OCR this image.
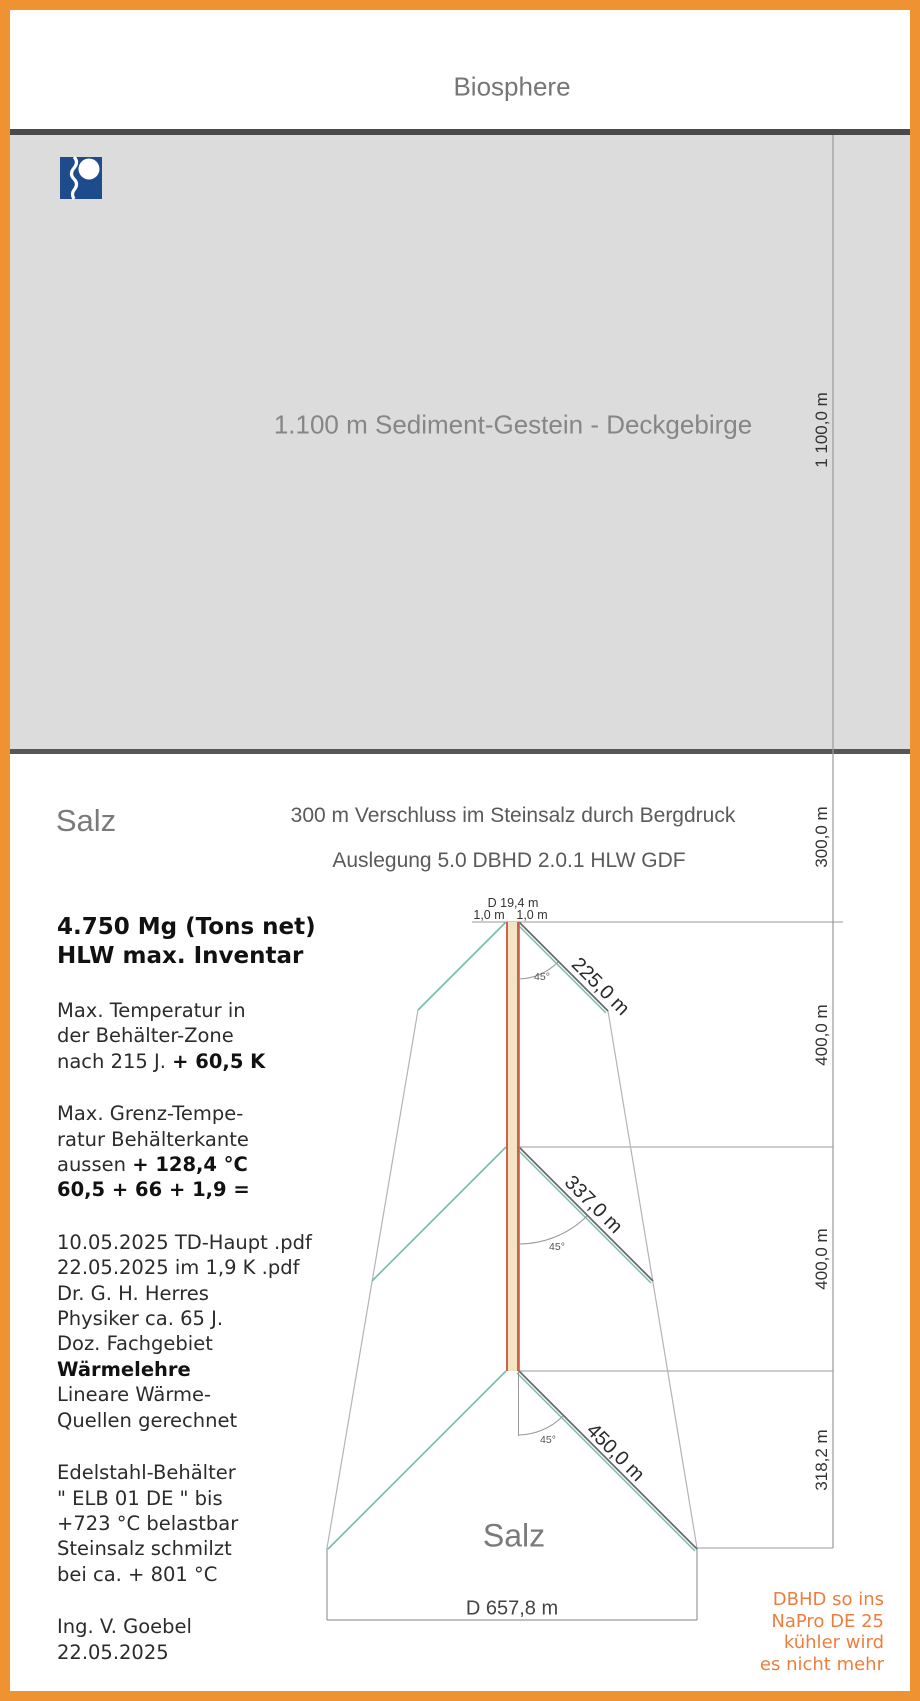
Biosphere
1.100 m Sediment-Gestein - Deckgebirge	1 100,0 m
Salz	300 m Verschluss im Steinsalz durch Bergdruck
Auslegung 5.0 DBHD 2.0.1 HLW GDF	300,0 m
400,0 m
400,0 m
318,2 m
D 19,4 m
1,0 m 1,0 m
45°
45°
45°
225,0 m
337,0 m
450,0 m
Salz
D 657,8 m
4.750 Mg (Tons net)
HLW max. Inventar
Max. Temperatur in
der Behälter-Zone
nach 215 J. + 60,5 K
Max. Grenz-Tempe-
ratur Behälterkante
aussen + 128,4 °C
60,5 + 66 + 1,9 =
10.05.2025 TD-Haupt .pdf
22.05.2025 im 1,9 K .pdf
Dr. G. H. Herres
Physiker ca. 65 J.
Doz. Fachgebiet
Wärmelehre
Lineare Wärme-
Quellen gerechnet
Edelstahl-Behälter
" ELB 01 DE " bis
+723 °C belastbar
Steinsalz schmilzt
bei ca. + 801 °C
Ing. V. Goebel
22.05.2025
DBHD so ins
NaPro DE 25
kühler wird
es nicht mehr
